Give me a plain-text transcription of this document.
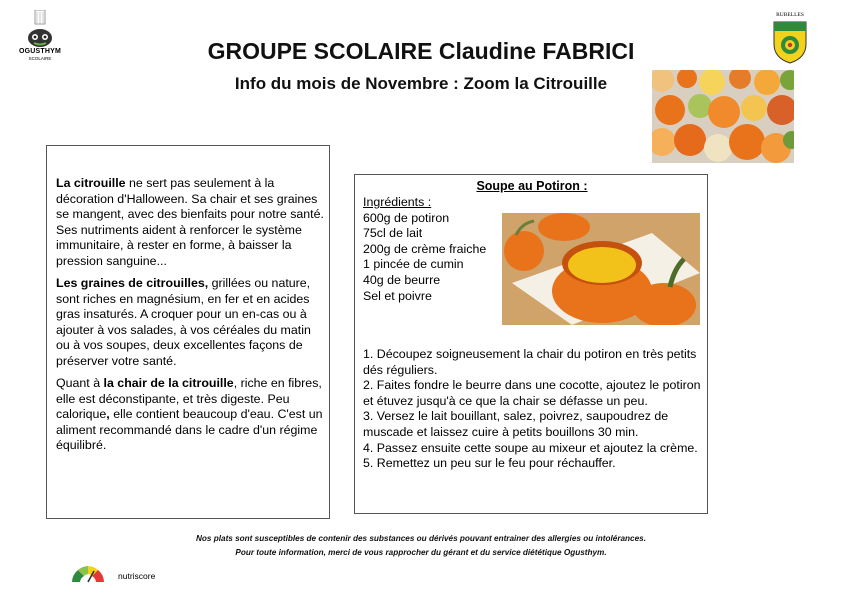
OGUSTHYM
SCOLAIRE
RUBELLES
GROUPE SCOLAIRE Claudine FABRICI
Info du mois de Novembre : Zoom la Citrouille

La citrouille ne sert pas seulement à la décoration d'Halloween. Sa chair et ses graines se mangent, avec des bienfaits pour notre santé. Ses nutriments aident à renforcer le système immunitaire, à rester en forme, à baisser la pression sanguine...

Les graines de citrouilles, grillées ou nature, sont riches en magnésium, en fer et en acides gras insaturés. A croquer pour un en-cas ou à ajouter à vos salades, à vos céréales du matin ou à vos soupes, deux excellentes façons de préserver votre santé.

Quant à la chair de la citrouille, riche en fibres, elle est déconstipante, et très digeste. Peu calorique, elle contient beaucoup d'eau. C'est un aliment recommandé dans le cadre d'un régime équilibré.

Soupe au Potiron :
Ingrédients :
600g de potiron
75cl de lait
200g de crème fraiche
1 pincée de cumin
40g de beurre
Sel et poivre
1. Découpez soigneusement la chair du potiron en très petits dés réguliers.
2. Faites fondre le beurre dans une cocotte, ajoutez le potiron et étuvez jusqu'à ce que la chair se défasse un peu.
3. Versez le lait bouillant, salez, poivrez, saupoudrez de muscade et laissez cuire à petits bouillons 30 min.
4. Passez ensuite cette soupe au mixeur et ajoutez la crème.
5. Remettez un peu sur le feu pour réchauffer.
Nos plats sont susceptibles de contenir des substances ou dérivés pouvant entrainer des allergies ou intolérances.
Pour toute information, merci de vous rapprocher du gérant et du service diététique Ogusthym.
nutriscore
